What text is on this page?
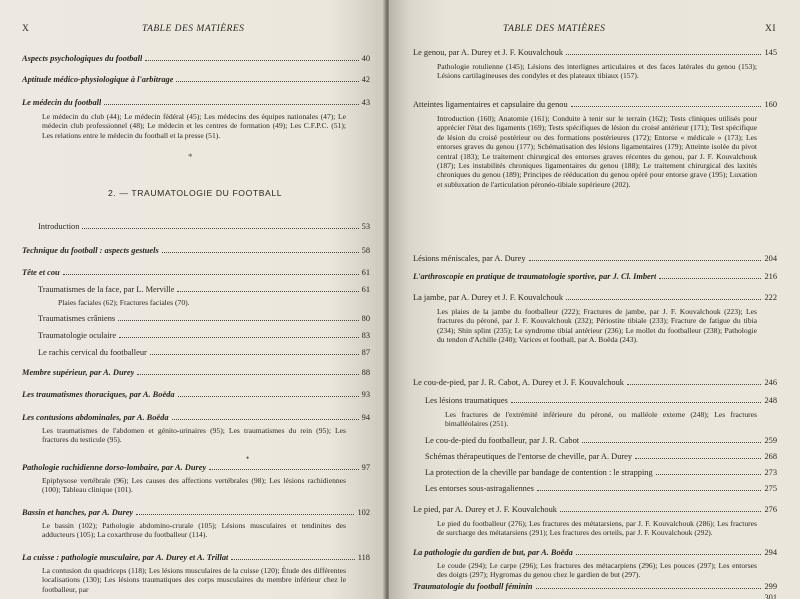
X	TABLE DES MATIÈRES
Aspects psychologiques du football	40
Aptitude médico-physiologique à l'arbitrage	42
Le médecin du football	43
Le médecin du club (44); Le médecin fédéral (45); Les médecins des équipes nationales (47); Le médecin club professionnel (48); Le médecin et les centres de formation (49); Les C.F.P.C. (51); Les relations entre le médecin du football et la presse (51).
*
2. — TRAUMATOLOGIE DU FOOTBALL
Introduction	53
Technique du football : aspects gestuels	58
Tête et cou	61
Traumatismes de la face, par L. Merville	61
Plaies faciales (62); Fractures faciales (70).
Traumatismes crâniens	80
Traumatologie oculaire	83
Le rachis cervical du footballeur	87
Membre supérieur, par A. Durey	88
Les traumatismes thoraciques, par A. Boëda	93
Les contusions abdominales, par A. Boëda	94
Les traumatismes de l'abdomen et génito-urinaires (95); Les traumatismes du rein (95); Les fractures du testicule (95).
•
Pathologie rachidienne dorso-lombaire, par A. Durey	97
Epiphysose vertébrale (96); Les causes des affections vertébrales (98); Les lésions rachidiennes (100); Tableau clinique (101).
Bassin et hanches, par A. Durey	102
Le bassin (102); Pathologie abdomino-crurale (105); Lésions musculaires et tendinites des adducteurs (105); La coxarthrose du footballeur (114).
La cuisse : pathologie musculaire, par A. Durey et A. Trillat	118
La contusion du quadriceps (118); Les lésions musculaires de la cuisse (120); Étude des différentes localisations (130); Les lésions traumatiques des corps musculaires du membre inférieur chez le footballeur, par
TABLE DES MATIÈRES	XI
Le genou, par A. Durey et J. F. Kouvalchouk	145
Pathologie rotulienne (145); Lésions des interlignes articulaires et des faces latérales du genou (153); Lésions cartilagineuses des condyles et des plateaux tibiaux (157).
Atteintes ligamentaires et capsulaire du genou	160
Introduction (160); Anatomie (161); Conduite à tenir sur le terrain (162); Tests cliniques utilisés pour apprécier l'état des ligaments (169); Tests spécifiques de lésion du croisé antérieur (171); Test spécifique de lésion du croisé postérieur ou des formations postérieures (172); Entorse « médicale » (173); Les entorses graves du genou (177); Schématisation des lésions ligamentaires (179); Atteinte isolée du pivot central (183); Le traitement chirurgical des entorses graves récentes du genou, par J. F. Kouvalchouk (187); Les instabilités chroniques ligamentaires du genou (188); Le traitement chirurgical des laxités chroniques du genou (189); Principes de rééducation du genou opéré pour entorse grave (195); Luxation et subluxation de l'articulation péronéo-tibiale supérieure (202).
Lésions méniscales, par A. Durey	204
L'arthroscopie en pratique de traumatologie sportive, par J. Cl. Imbert	216
La jambe, par A. Durey et J. F. Kouvalchouk	222
Les plaies de la jambe du footballeur (222); Fractures de jambe, par J. F. Kouvalchouk (223); Les fractures du péroné, par J. F. Kouvalchouk (232); Périostite tibiale (233); Fracture de fatigue du tibia (234); Shin splint (235); Le syndrome tibial antérieur (236); Le mollet du footballeur (238); Pathologie du tendon d'Achille (240); Varices et football, par A. Boëda (243).
Le cou-de-pied, par J. R. Cabot, A. Durey et J. F. Kouvalchouk	246
Les lésions traumatiques	248
Les fractures de l'extrémité inférieure du péroné, ou malléole externe (248); Les fractures bimalléolaires (251).
Le cou-de-pied du footballeur, par J. R. Cabot	259
Schémas thérapeutiques de l'entorse de cheville, par A. Durey	268
La protection de la cheville par bandage de contention : le strapping	273
Les entorses sous-astragaliennes	275
Le pied, par A. Durey et J. F. Kouvalchouk	276
Le pied du footballeur (276); Les fractures des métatarsiens, par J. F. Kouvalchouk (286); Les fractures de surcharge des métatarsiens (291); Les fractures des orteils, par J. F. Kouvalchouk (292).
La pathologie du gardien de but, par A. Boëda	294
Le coude (294); Le carpe (296); Les fractures des métacarpiens (296); Les pouces (297); Les entorses des doigts (297); Hygromas du genou chez le gardien de but (297).
Traumatologie du football féminin	299
301
